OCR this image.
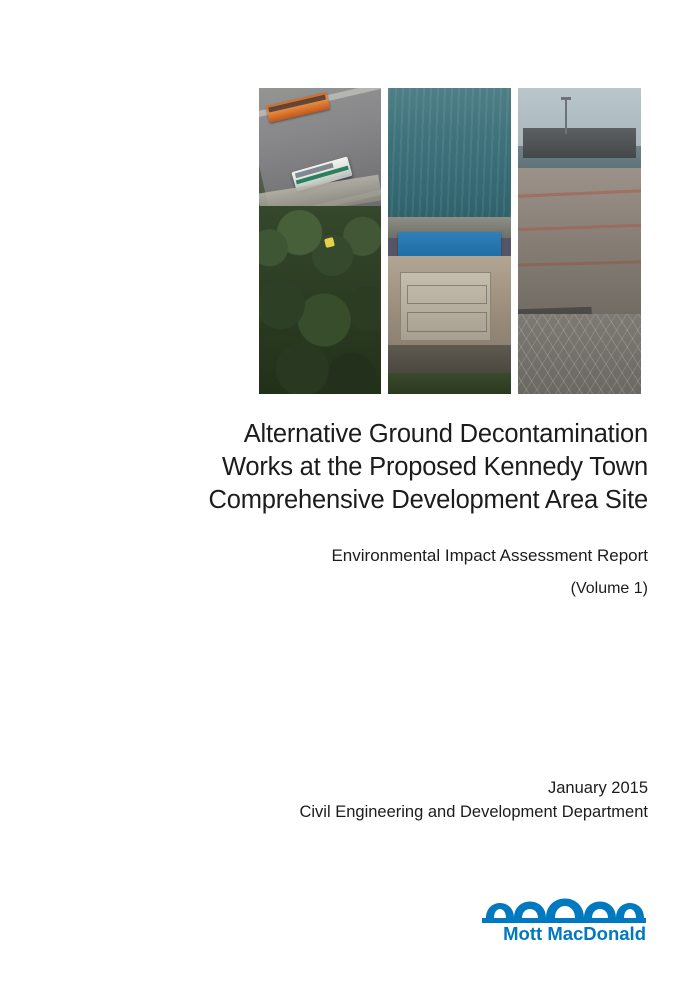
Alternative Ground Decontamination
Works at the Proposed Kennedy Town
Comprehensive Development Area Site
Environmental Impact Assessment Report
(Volume 1)
January 2015
Civil Engineering and Development Department
Mott MacDonald
